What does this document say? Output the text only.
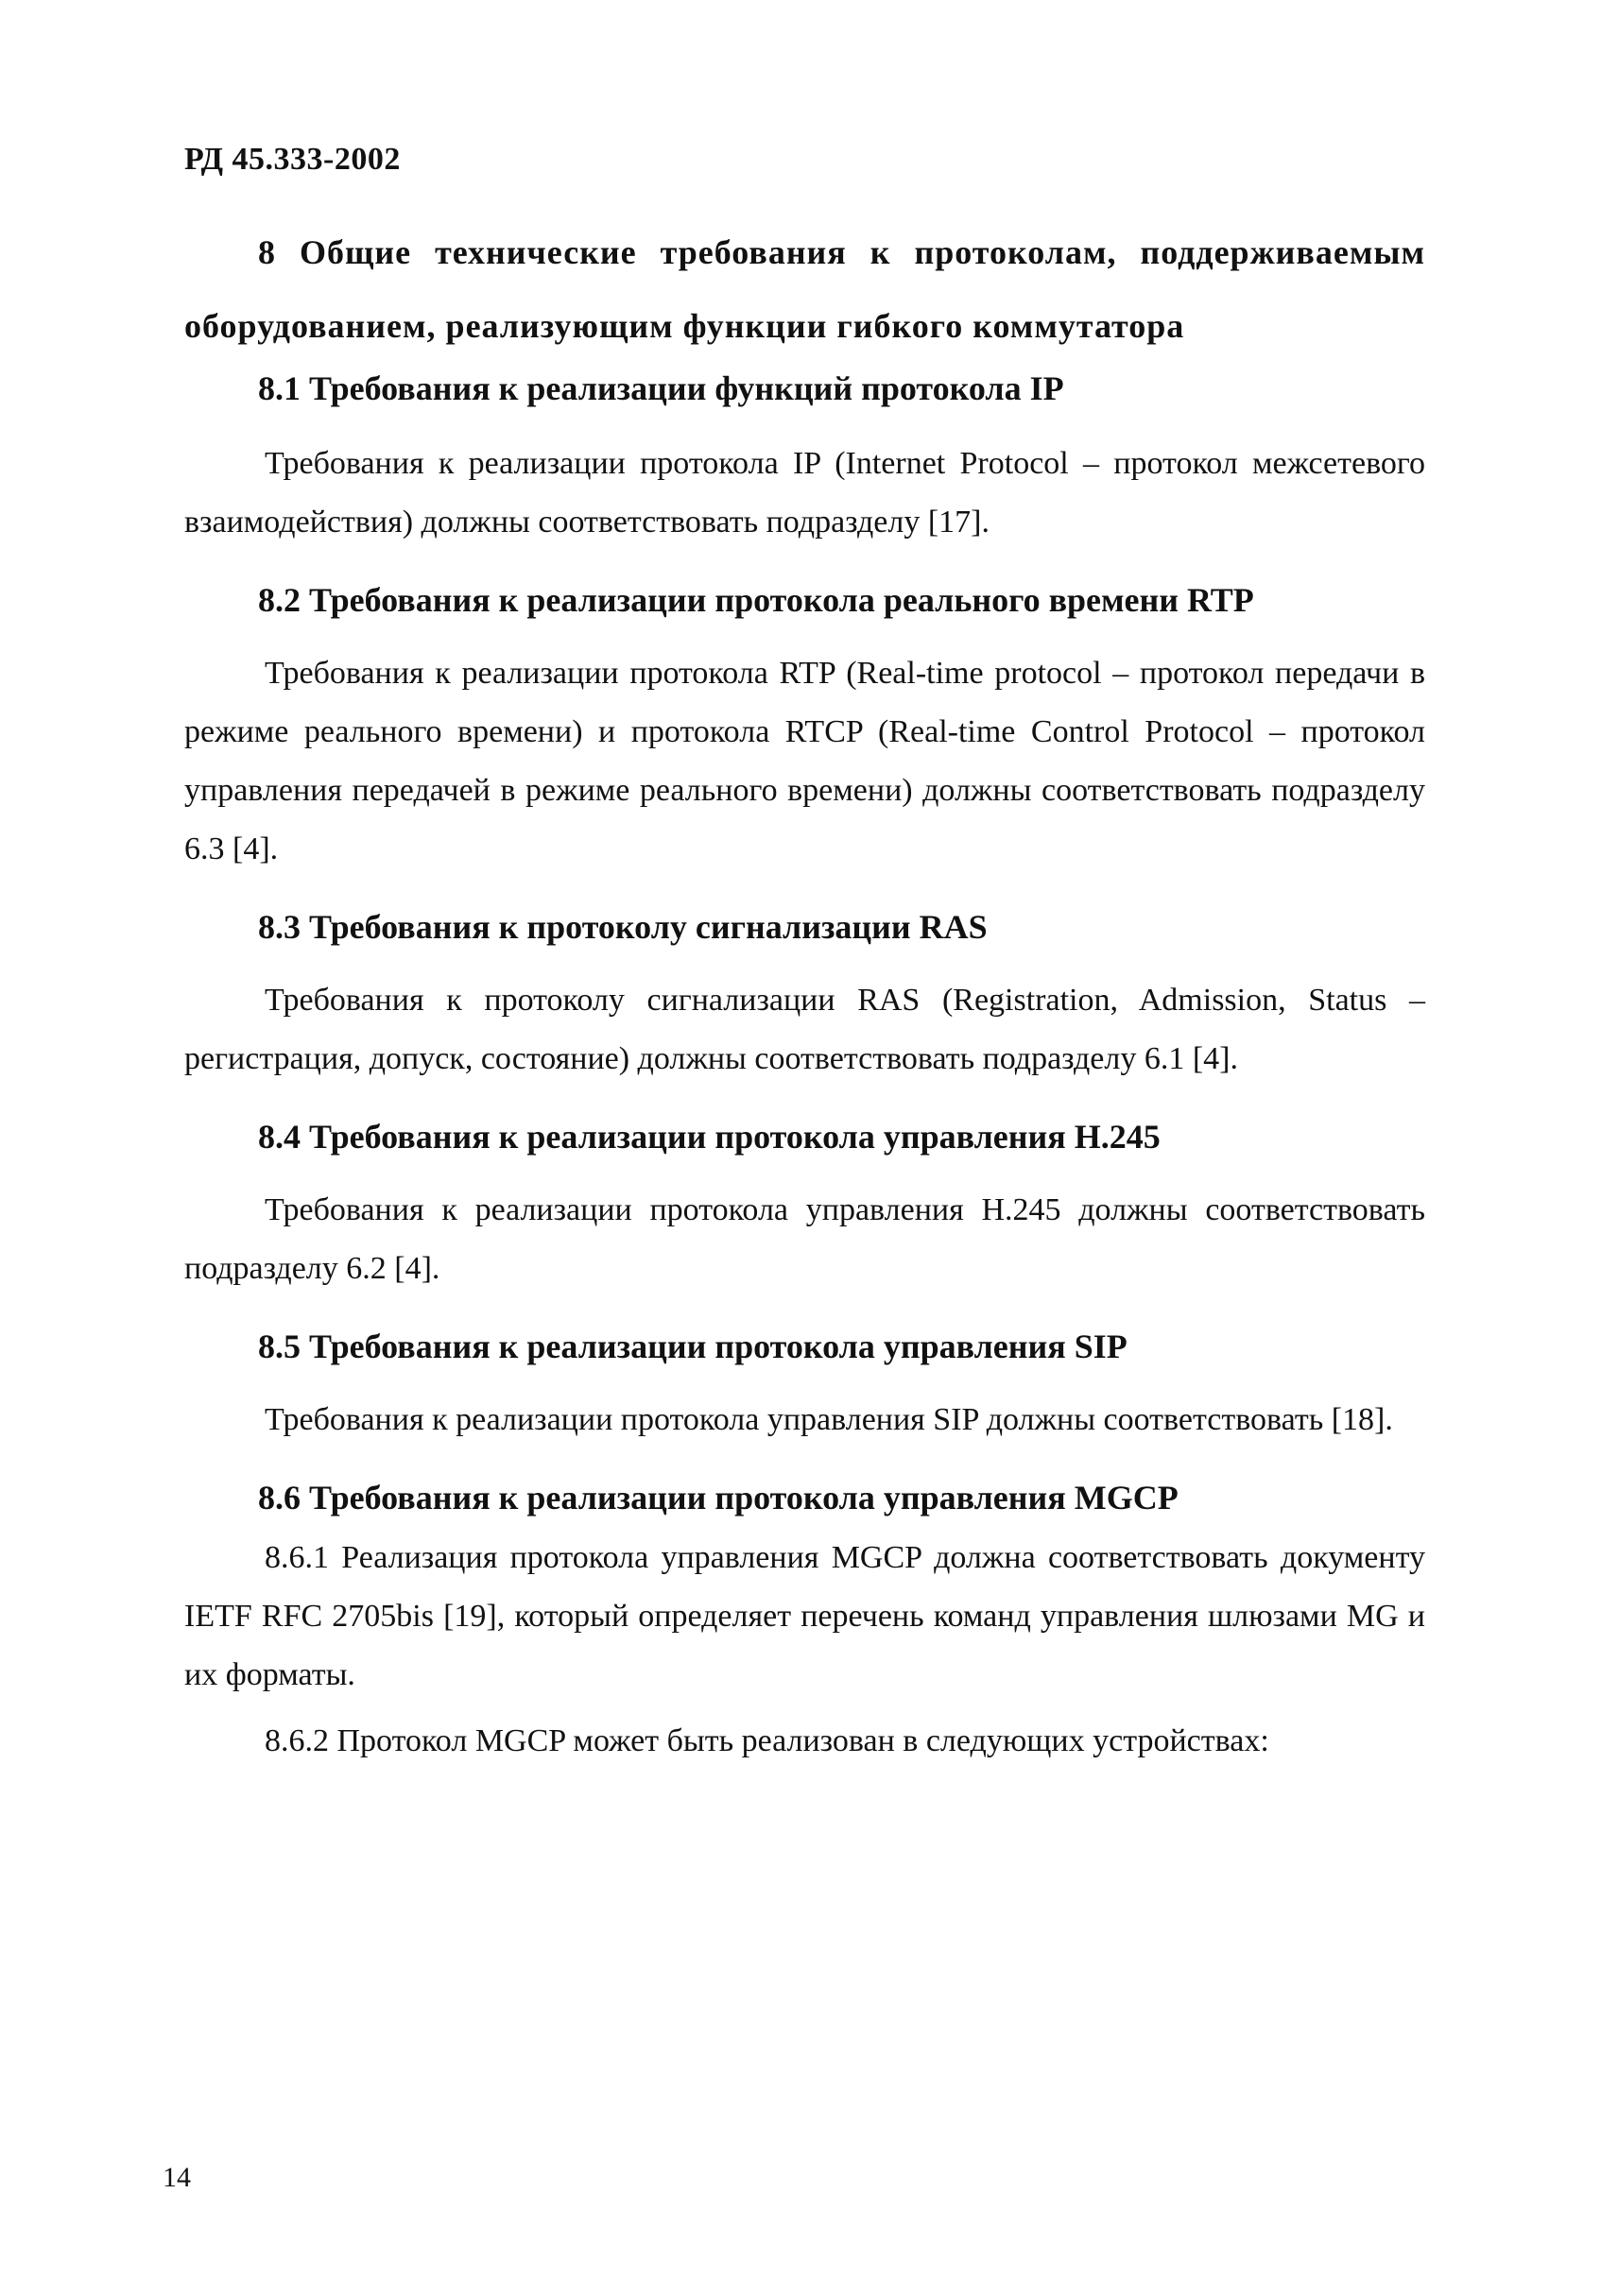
РД 45.333-2002

8 Общие технические требования к протоколам, поддерживаемым оборудованием, реализующим функции гибкого коммутатора

8.1 Требования к реализации функций протокола IP

Требования к реализации протокола IP (Internet Protocol – протокол межсетевого взаимодействия) должны соответствовать подразделу [17].

8.2 Требования к реализации протокола реального времени RTP

Требования к реализации протокола RTP (Real-time protocol – протокол передачи в режиме реального времени) и протокола RTCP (Real-time Control Protocol – протокол управления передачей в режиме реального времени) должны соответствовать подразделу 6.3 [4].

8.3 Требования к протоколу сигнализации RAS

Требования к протоколу сигнализации RAS (Registration, Admission, Status – регистрация, допуск, состояние) должны соответствовать подразделу 6.1 [4].

8.4 Требования к реализации протокола управления H.245

Требования к реализации протокола управления H.245 должны соответствовать подразделу 6.2 [4].

8.5 Требования к реализации протокола управления SIP

Требования к реализации протокола управления SIP должны соответствовать [18].

8.6 Требования к реализации протокола управления MGCP

8.6.1 Реализация протокола управления MGCP должна соответствовать документу IETF RFC 2705bis [19], который определяет перечень команд управления шлюзами MG и их форматы.

8.6.2 Протокол MGCP может быть реализован в следующих устройствах:

14
